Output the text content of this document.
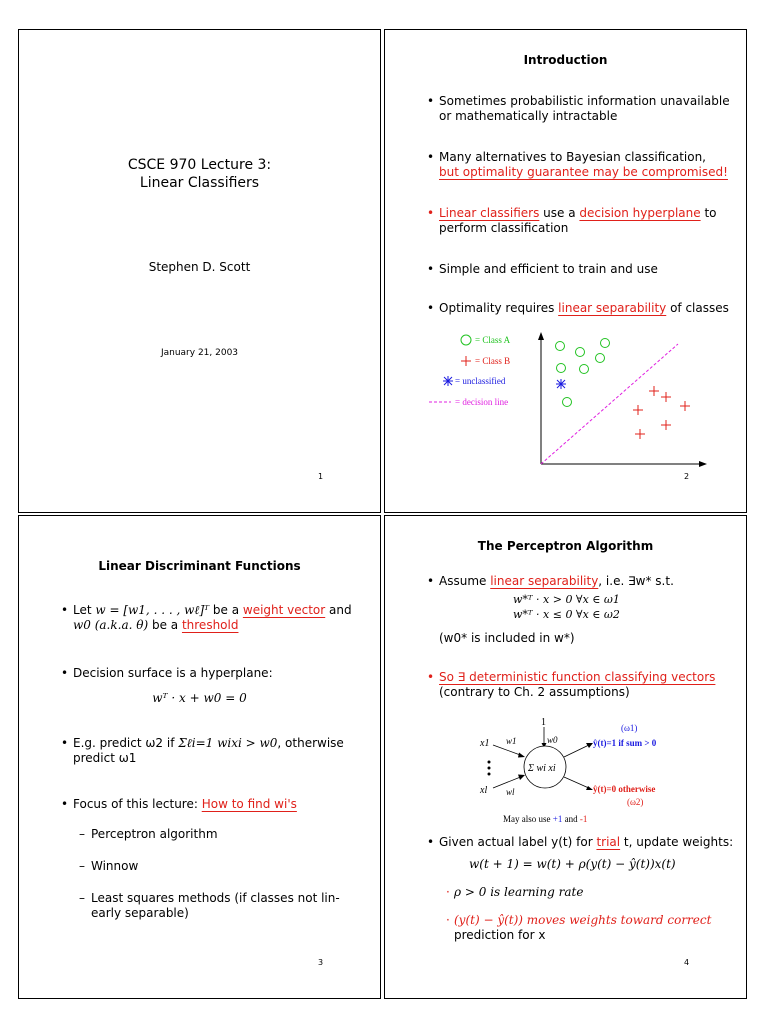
CSCE 970 Lecture 3:
Linear Classifiers
Stephen D. Scott
January 21, 2003
1
Introduction
• Sometimes probabilistic information unavailable
or mathematically intractable
• Many alternatives to Bayesian classification,
but optimality guarantee may be compromised!
• Linear classifiers use a decision hyperplane to
perform classification
• Simple and efficient to train and use
• Optimality requires linear separability of classes
= Class A
= Class B
= unclassified
= decision line
2
Linear Discriminant Functions
• Let w = [w1, . . . , wℓ]ᵀ be a weight vector and
w0 (a.k.a. θ) be a threshold
• Decision surface is a hyperplane:
wᵀ · x + w0 = 0
• E.g. predict ω2 if Σℓi=1 wixi > w0, otherwise
predict ω1
• Focus of this lecture: How to find wi's
– Perceptron algorithm
– Winnow
– Least squares methods (if classes not lin-
early separable)
3
The Perceptron Algorithm
• Assume linear separability, i.e. ∃w* s.t.
w*ᵀ · x > 0 ∀x ∈ ω1
w*ᵀ · x ≤ 0 ∀x ∈ ω2
(w0* is included in w*)
• So ∃ deterministic function classifying vectors
(contrary to Ch. 2 assumptions)
1
w0
x1 w1
xl wl
Σ wi xi
(ω1)
ŷ(t)=1 if sum > 0
ŷ(t)=0 otherwise
(ω2)
May also use +1 and -1
• Given actual label y(t) for trial t, update weights:
w(t + 1) = w(t) + ρ(y(t) − ŷ(t))x(t)
· ρ > 0 is learning rate
· (y(t) − ŷ(t)) moves weights toward correct
prediction for x
4
